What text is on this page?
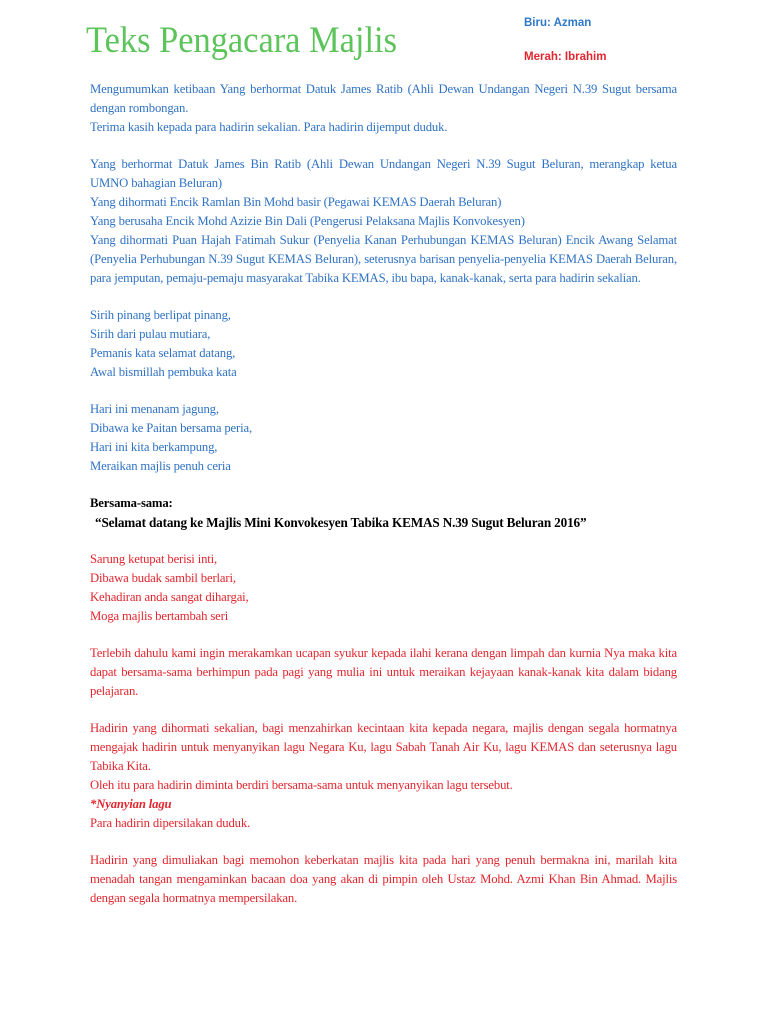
Teks Pengacara Majlis	Biru: Azman
Merah: Ibrahim

Mengumumkan ketibaan Yang berhormat Datuk James Ratib (Ahli Dewan Undangan Negeri N.39 Sugut bersama dengan rombongan.

Terima kasih kepada para hadirin sekalian. Para hadirin dijemput duduk.

Yang berhormat Datuk James Bin Ratib (Ahli Dewan Undangan Negeri N.39 Sugut Beluran, merangkap ketua UMNO bahagian Beluran)

Yang dihormati Encik Ramlan Bin Mohd basir (Pegawai KEMAS Daerah Beluran)

Yang berusaha Encik Mohd Azizie Bin Dali (Pengerusi Pelaksana Majlis Konvokesyen)

Yang dihormati Puan Hajah Fatimah Sukur (Penyelia Kanan Perhubungan KEMAS Beluran) Encik Awang Selamat (Penyelia Perhubungan N.39 Sugut KEMAS Beluran), seterusnya barisan penyelia-penyelia KEMAS Daerah Beluran, para jemputan, pemaju-pemaju masyarakat Tabika KEMAS, ibu bapa, kanak-kanak, serta para hadirin sekalian.

Sirih pinang berlipat pinang,

Sirih dari pulau mutiara,

Pemanis kata selamat datang,

Awal bismillah pembuka kata

Hari ini menanam jagung,

Dibawa ke Paitan bersama peria,

Hari ini kita berkampung,

Meraikan majlis penuh ceria

Bersama-sama:

“Selamat datang ke Majlis Mini Konvokesyen Tabika KEMAS N.39 Sugut Beluran 2016”

Sarung ketupat berisi inti,

Dibawa budak sambil berlari,

Kehadiran anda sangat dihargai,

Moga majlis bertambah seri

Terlebih dahulu kami ingin merakamkan ucapan syukur kepada ilahi kerana dengan limpah dan kurnia Nya maka kita dapat bersama-sama berhimpun pada pagi yang mulia ini untuk meraikan kejayaan kanak-kanak kita dalam bidang pelajaran.

Hadirin yang dihormati sekalian, bagi menzahirkan kecintaan kita kepada negara, majlis dengan segala hormatnya mengajak hadirin untuk menyanyikan lagu Negara Ku, lagu Sabah Tanah Air Ku, lagu KEMAS dan seterusnya lagu Tabika Kita.

Oleh itu para hadirin diminta berdiri bersama-sama untuk menyanyikan lagu tersebut.

*Nyanyian lagu

Para hadirin dipersilakan duduk.

Hadirin yang dimuliakan bagi memohon keberkatan majlis kita pada hari yang penuh bermakna ini, marilah kita menadah tangan mengaminkan bacaan doa yang akan di pimpin oleh Ustaz Mohd. Azmi Khan Bin Ahmad. Majlis dengan segala hormatnya mempersilakan.
